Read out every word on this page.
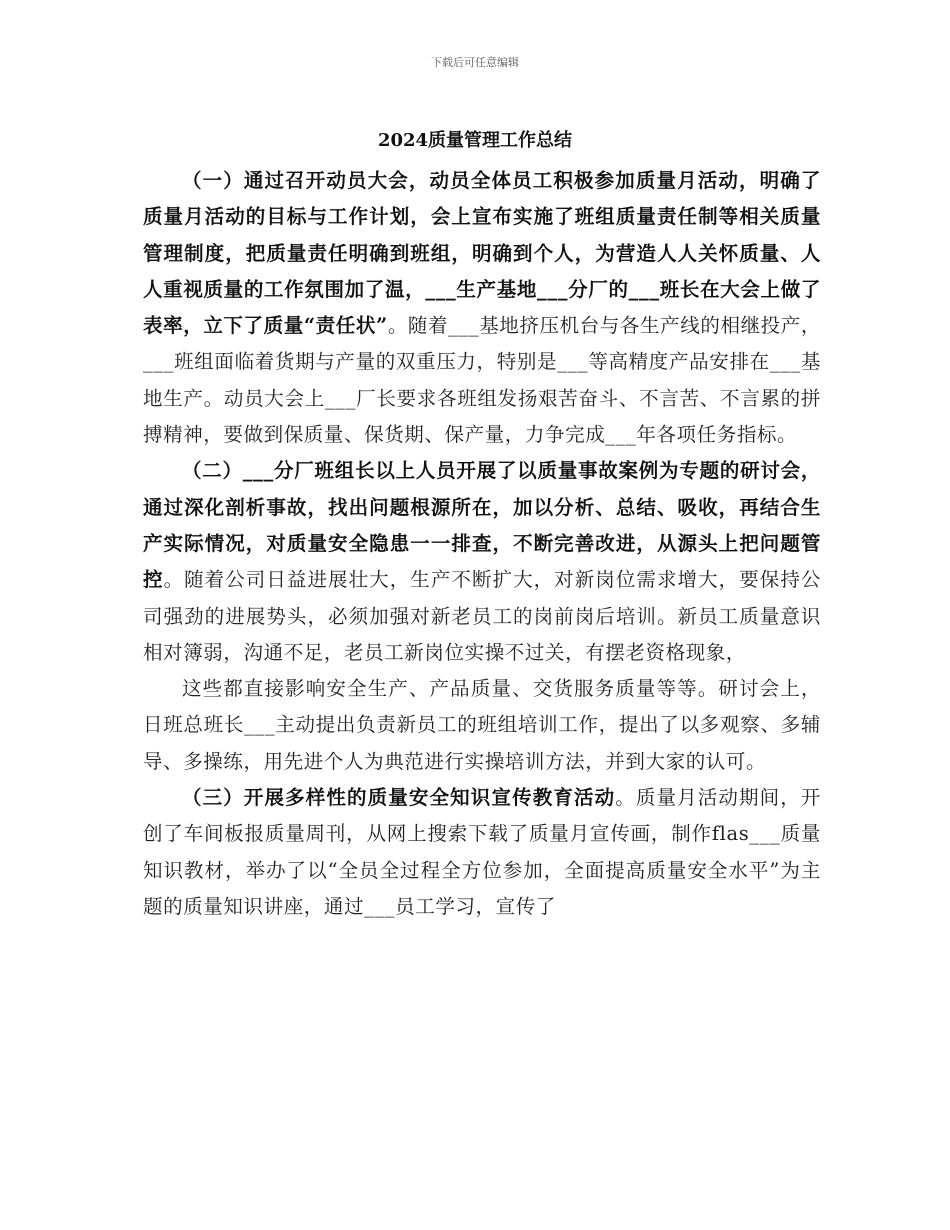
下载后可任意编辑
2024质量管理工作总结

（一）通过召开动员大会，动员全体员工积极参加质量月活动，明确了质量月活动的目标与工作计划，会上宣布实施了班组质量责任制等相关质量管理制度，把质量责任明确到班组，明确到个人，为营造人人关怀质量、人人重视质量的工作氛围加了温，___生产基地___分厂的___班长在大会上做了表率，立下了质量“责任状”。随着___基地挤压机台与各生产线的相继投产，___班组面临着货期与产量的双重压力，特别是___等高精度产品安排在___基地生产。动员大会上___厂长要求各班组发扬艰苦奋斗、不言苦、不言累的拼搏精神，要做到保质量、保货期、保产量，力争完成___年各项任务指标。

（二）___分厂班组长以上人员开展了以质量事故案例为专题的研讨会，通过深化剖析事故，找出问题根源所在，加以分析、总结、吸收，再结合生产实际情况，对质量安全隐患一一排查，不断完善改进，从源头上把问题管控。随着公司日益进展壮大，生产不断扩大，对新岗位需求增大，要保持公司强劲的进展势头，必须加强对新老员工的岗前岗后培训。新员工质量意识相对簿弱，沟通不足，老员工新岗位实操不过关，有摆老资格现象，

这些都直接影响安全生产、产品质量、交货服务质量等等。研讨会上，日班总班长___主动提出负责新员工的班组培训工作，提出了以多观察、多辅导、多操练，用先进个人为典范进行实操培训方法，并到大家的认可。

（三）开展多样性的质量安全知识宣传教育活动。质量月活动期间，开创了车间板报质量周刊，从网上搜索下载了质量月宣传画，制作flas___质量知识教材，举办了以“全员全过程全方位参加，全面提高质量安全水平”为主题的质量知识讲座，通过___员工学习，宣传了
